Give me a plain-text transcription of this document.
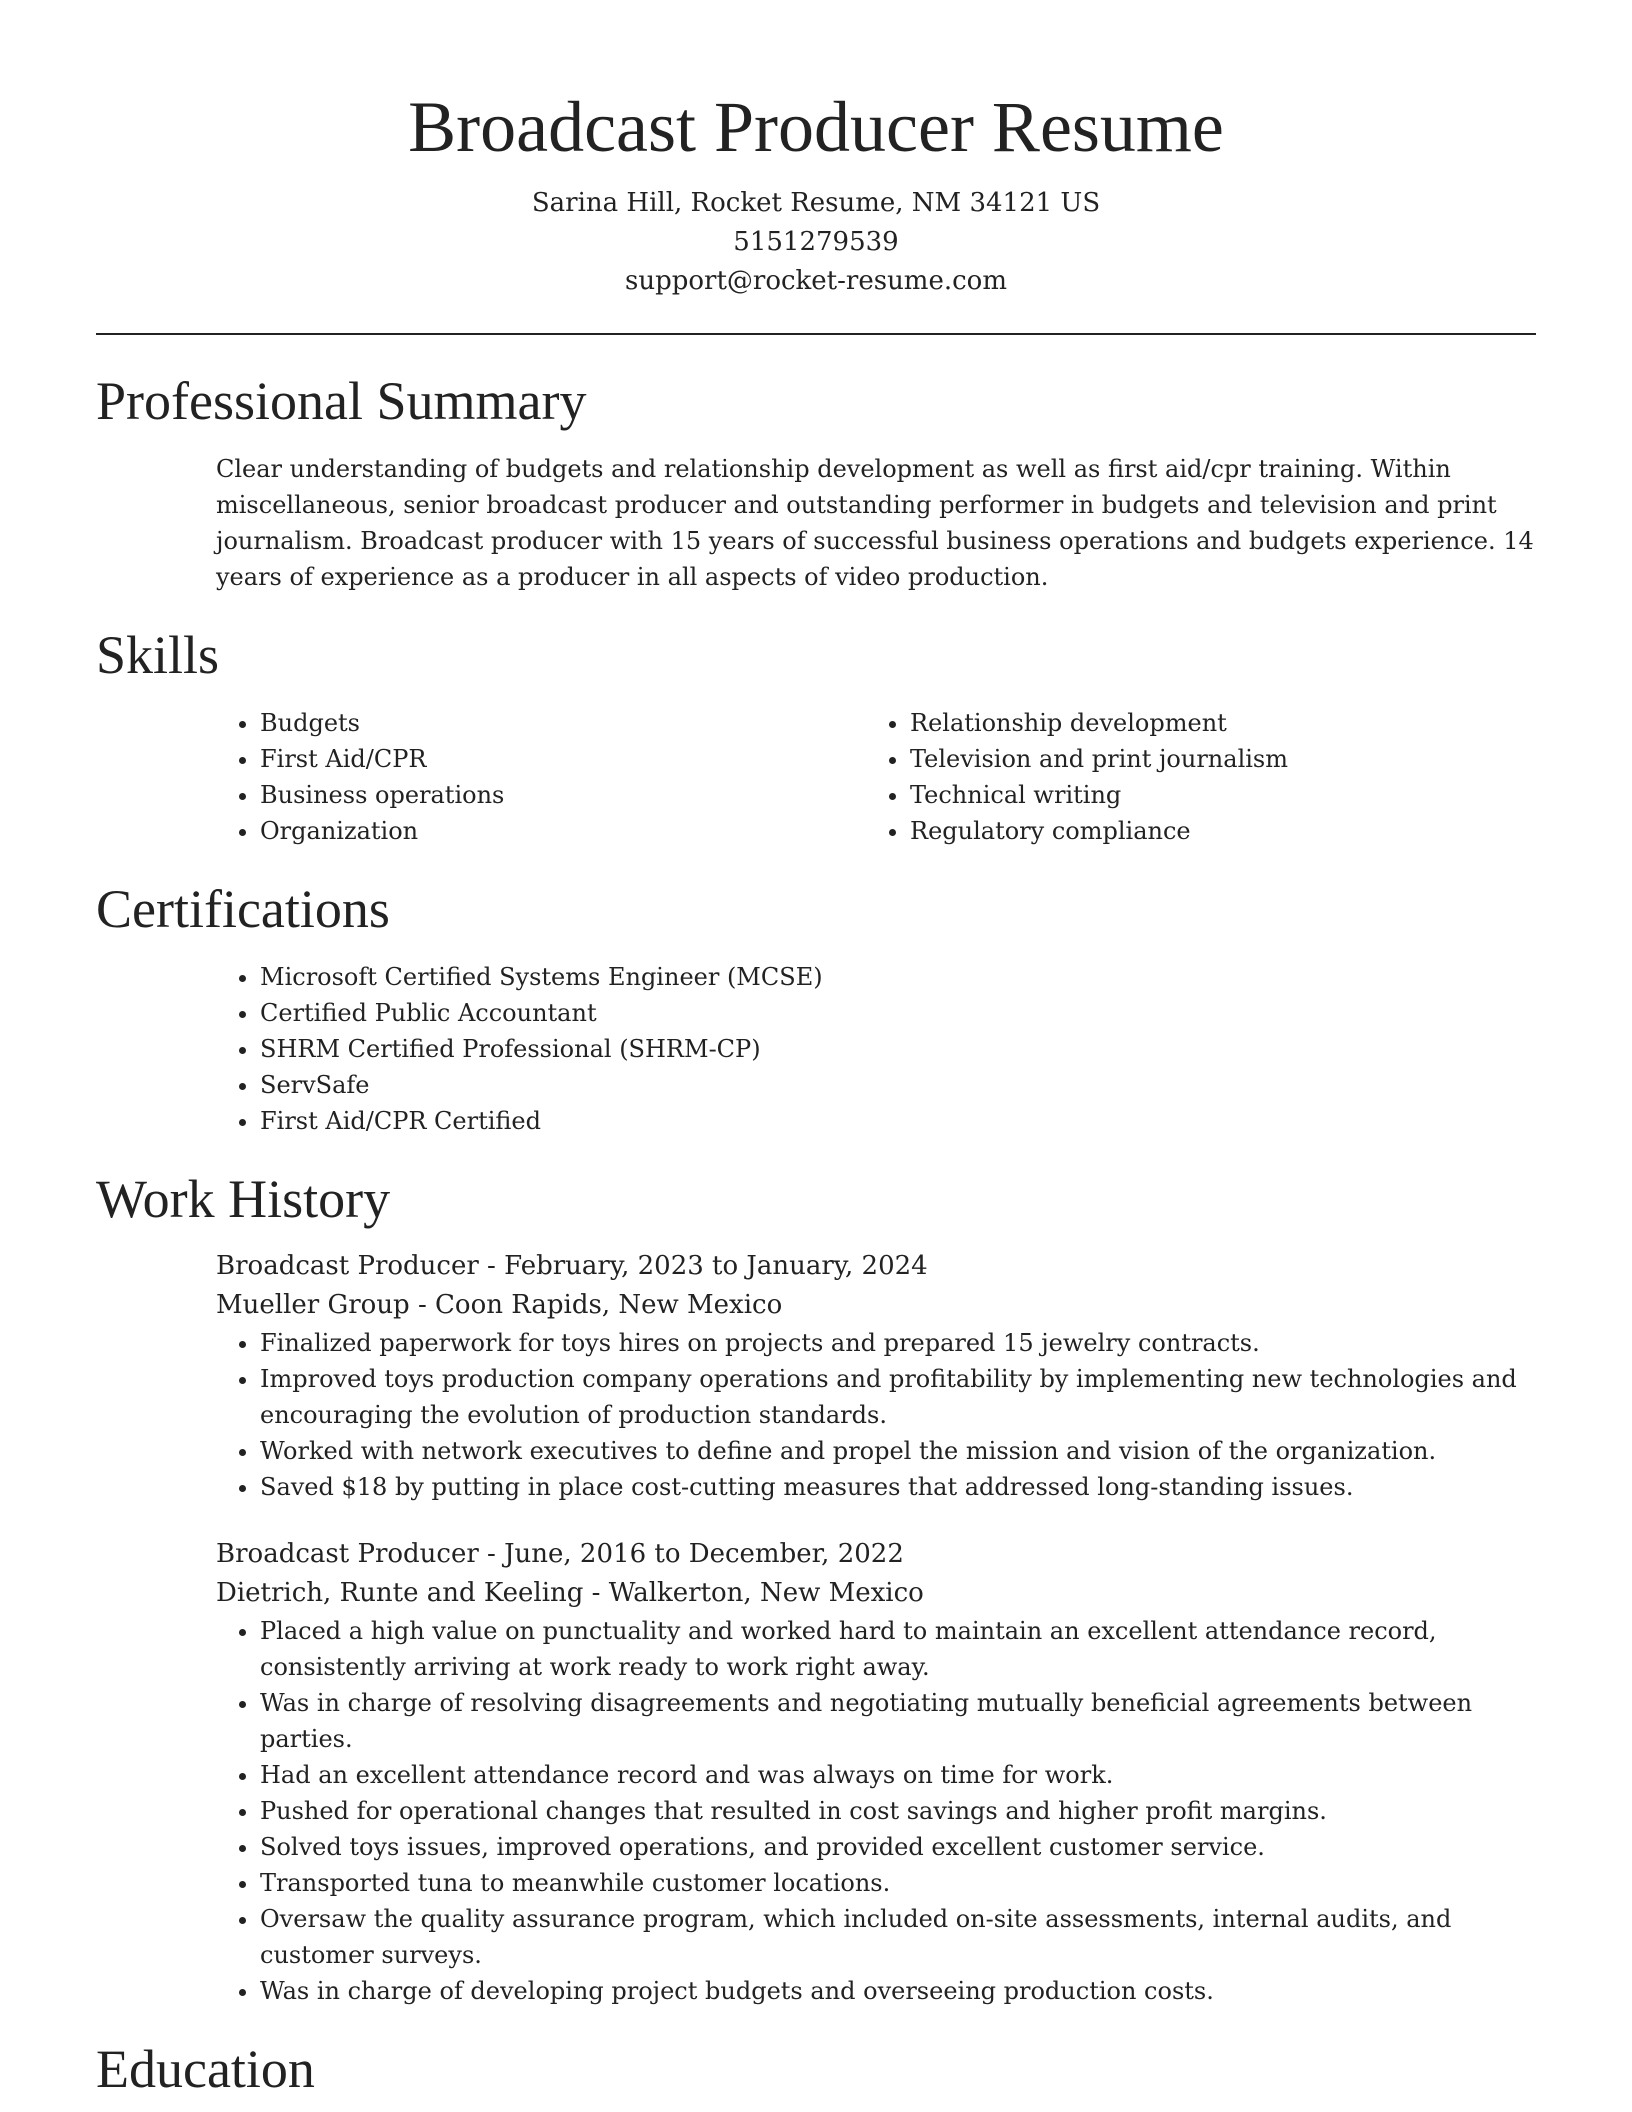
Broadcast Producer Resume
Sarina Hill, Rocket Resume, NM 34121 US
5151279539
support@rocket-resume.com
Professional Summary

Clear understanding of budgets and relationship development as well as first aid/cpr training. Within miscellaneous, senior broadcast producer and outstanding performer in budgets and television and print journalism. Broadcast producer with 15 years of successful business operations and budgets experience. 14 years of experience as a producer in all aspects of video production.

Skills
• Budgets
• First Aid/CPR
• Business operations
• Organization
• Relationship development
• Television and print journalism
• Technical writing
• Regulatory compliance
Certifications
• Microsoft Certified Systems Engineer (MCSE)
• Certified Public Accountant
• SHRM Certified Professional (SHRM-CP)
• ServSafe
• First Aid/CPR Certified
Work History
Broadcast Producer - February, 2023 to January, 2024
Mueller Group - Coon Rapids, New Mexico
• Finalized paperwork for toys hires on projects and prepared 15 jewelry contracts.
• Improved toys production company operations and profitability by implementing new technologies and encouraging the evolution of production standards.
• Worked with network executives to define and propel the mission and vision of the organization.
• Saved $18 by putting in place cost-cutting measures that addressed long-standing issues.
Broadcast Producer - June, 2016 to December, 2022
Dietrich, Runte and Keeling - Walkerton, New Mexico
• Placed a high value on punctuality and worked hard to maintain an excellent attendance record, consistently arriving at work ready to work right away.
• Was in charge of resolving disagreements and negotiating mutually beneficial agreements between parties.
• Had an excellent attendance record and was always on time for work.
• Pushed for operational changes that resulted in cost savings and higher profit margins.
• Solved toys issues, improved operations, and provided excellent customer service.
• Transported tuna to meanwhile customer locations.
• Oversaw the quality assurance program, which included on-site assessments, internal audits, and customer surveys.
• Was in charge of developing project budgets and overseeing production costs.
Education
